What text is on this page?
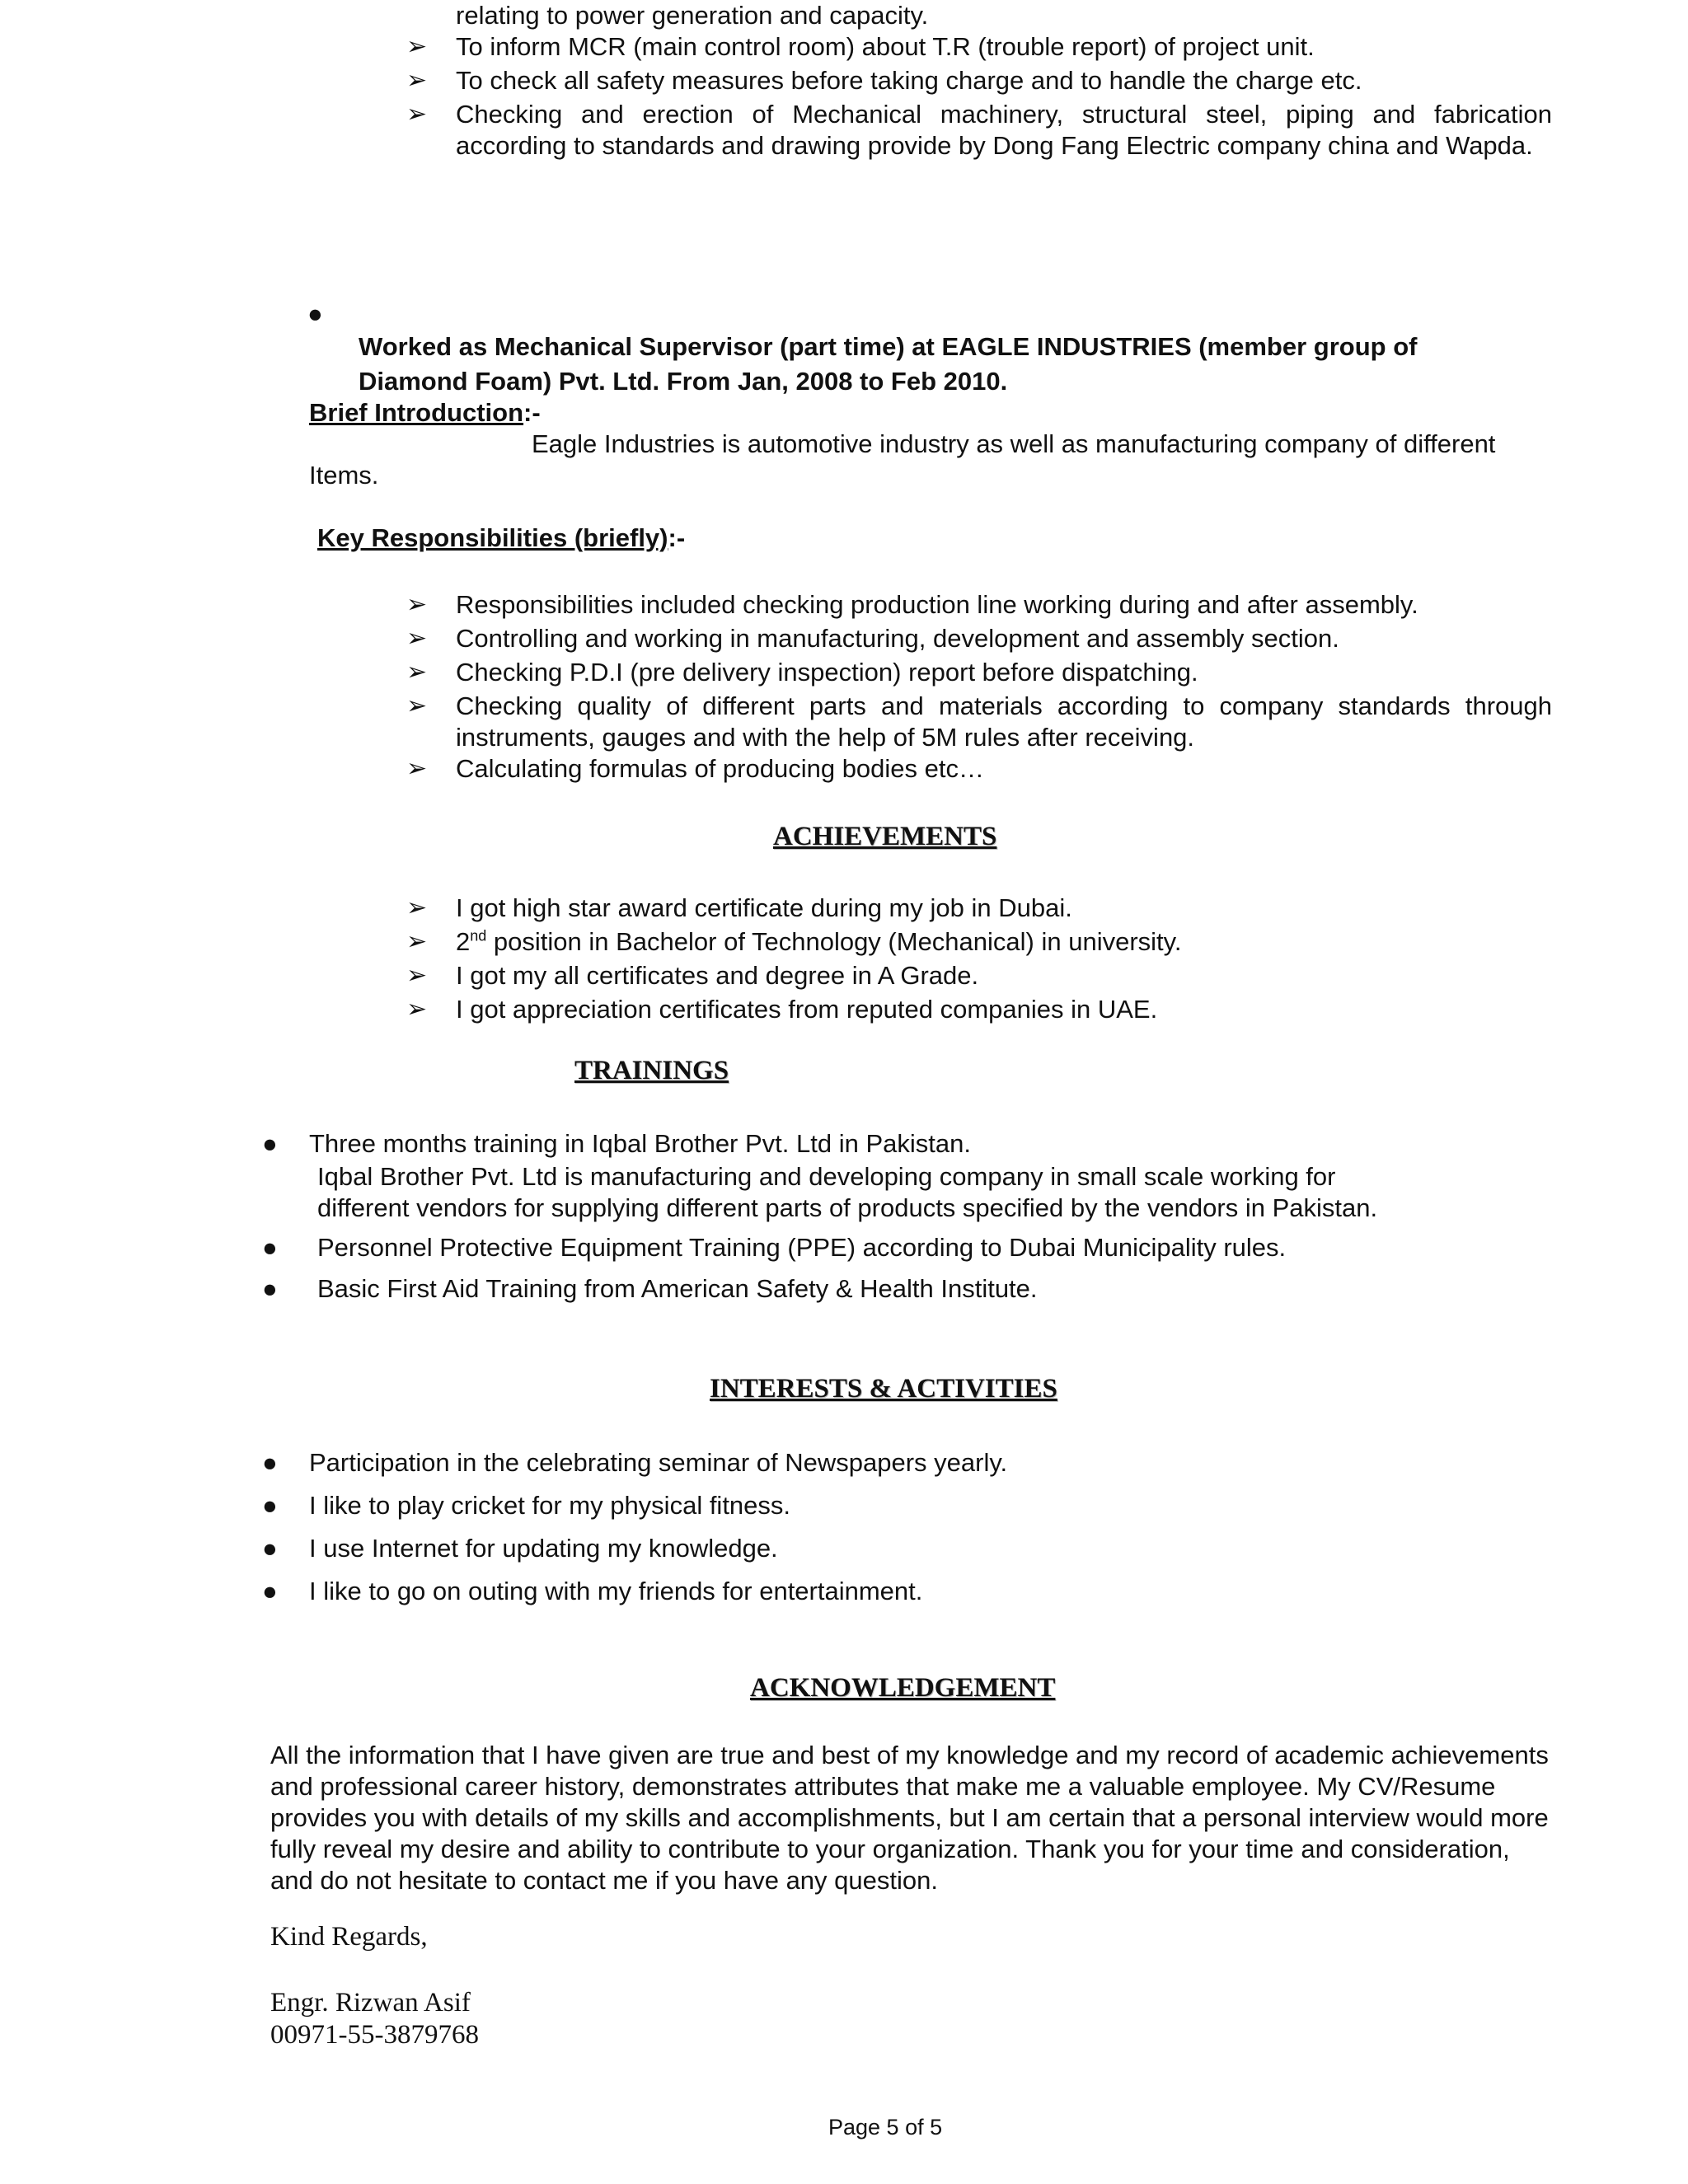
relating to power generation and capacity.
➢ To inform MCR (main control room) about T.R (trouble report) of project unit.
➢ To check all safety measures before taking charge and to handle the charge etc.
➢ Checking and erection of Mechanical machinery, structural steel, piping and fabrication according to standards and drawing provide by Dong Fang Electric company china and Wapda.
●
Worked as Mechanical Supervisor (part time) at EAGLE INDUSTRIES (member group of Diamond Foam) Pvt. Ltd. From Jan, 2008 to Feb 2010.
Brief Introduction:-
Eagle Industries is automotive industry as well as manufacturing company of different
Items.
Key Responsibilities (briefly):-
➢ Responsibilities included checking production line working during and after assembly.
➢ Controlling and working in manufacturing, development and assembly section.
➢ Checking P.D.I (pre delivery inspection) report before dispatching.
➢ Checking quality of different parts and materials according to company standards through instruments, gauges and with the help of 5M rules after receiving.
➢ Calculating formulas of producing bodies etc…
ACHIEVEMENTS
➢ I got high star award certificate during my job in Dubai.
➢ 2nd position in Bachelor of Technology (Mechanical) in university.
➢ I got my all certificates and degree in A Grade.
➢ I got appreciation certificates from reputed companies in UAE.
TRAININGS
● Three months training in Iqbal Brother Pvt. Ltd in Pakistan.
Iqbal Brother Pvt. Ltd is manufacturing and developing company in small scale working for different vendors for supplying different parts of products specified by the vendors in Pakistan.
● Personnel Protective Equipment Training (PPE) according to Dubai Municipality rules.
● Basic First Aid Training from American Safety & Health Institute.
INTERESTS & ACTIVITIES
● Participation in the celebrating seminar of Newspapers yearly.
● I like to play cricket for my physical fitness.
● I use Internet for updating my knowledge.
● I like to go on outing with my friends for entertainment.
ACKNOWLEDGEMENT
All the information that I have given are true and best of my knowledge and my record of academic achievements and professional career history, demonstrates attributes that make me a valuable employee. My CV/Resume provides you with details of my skills and accomplishments, but I am certain that a personal interview would more fully reveal my desire and ability to contribute to your organization. Thank you for your time and consideration, and do not hesitate to contact me if you have any question.
Kind Regards,
Engr. Rizwan Asif
00971-55-3879768
Page 5 of 5
